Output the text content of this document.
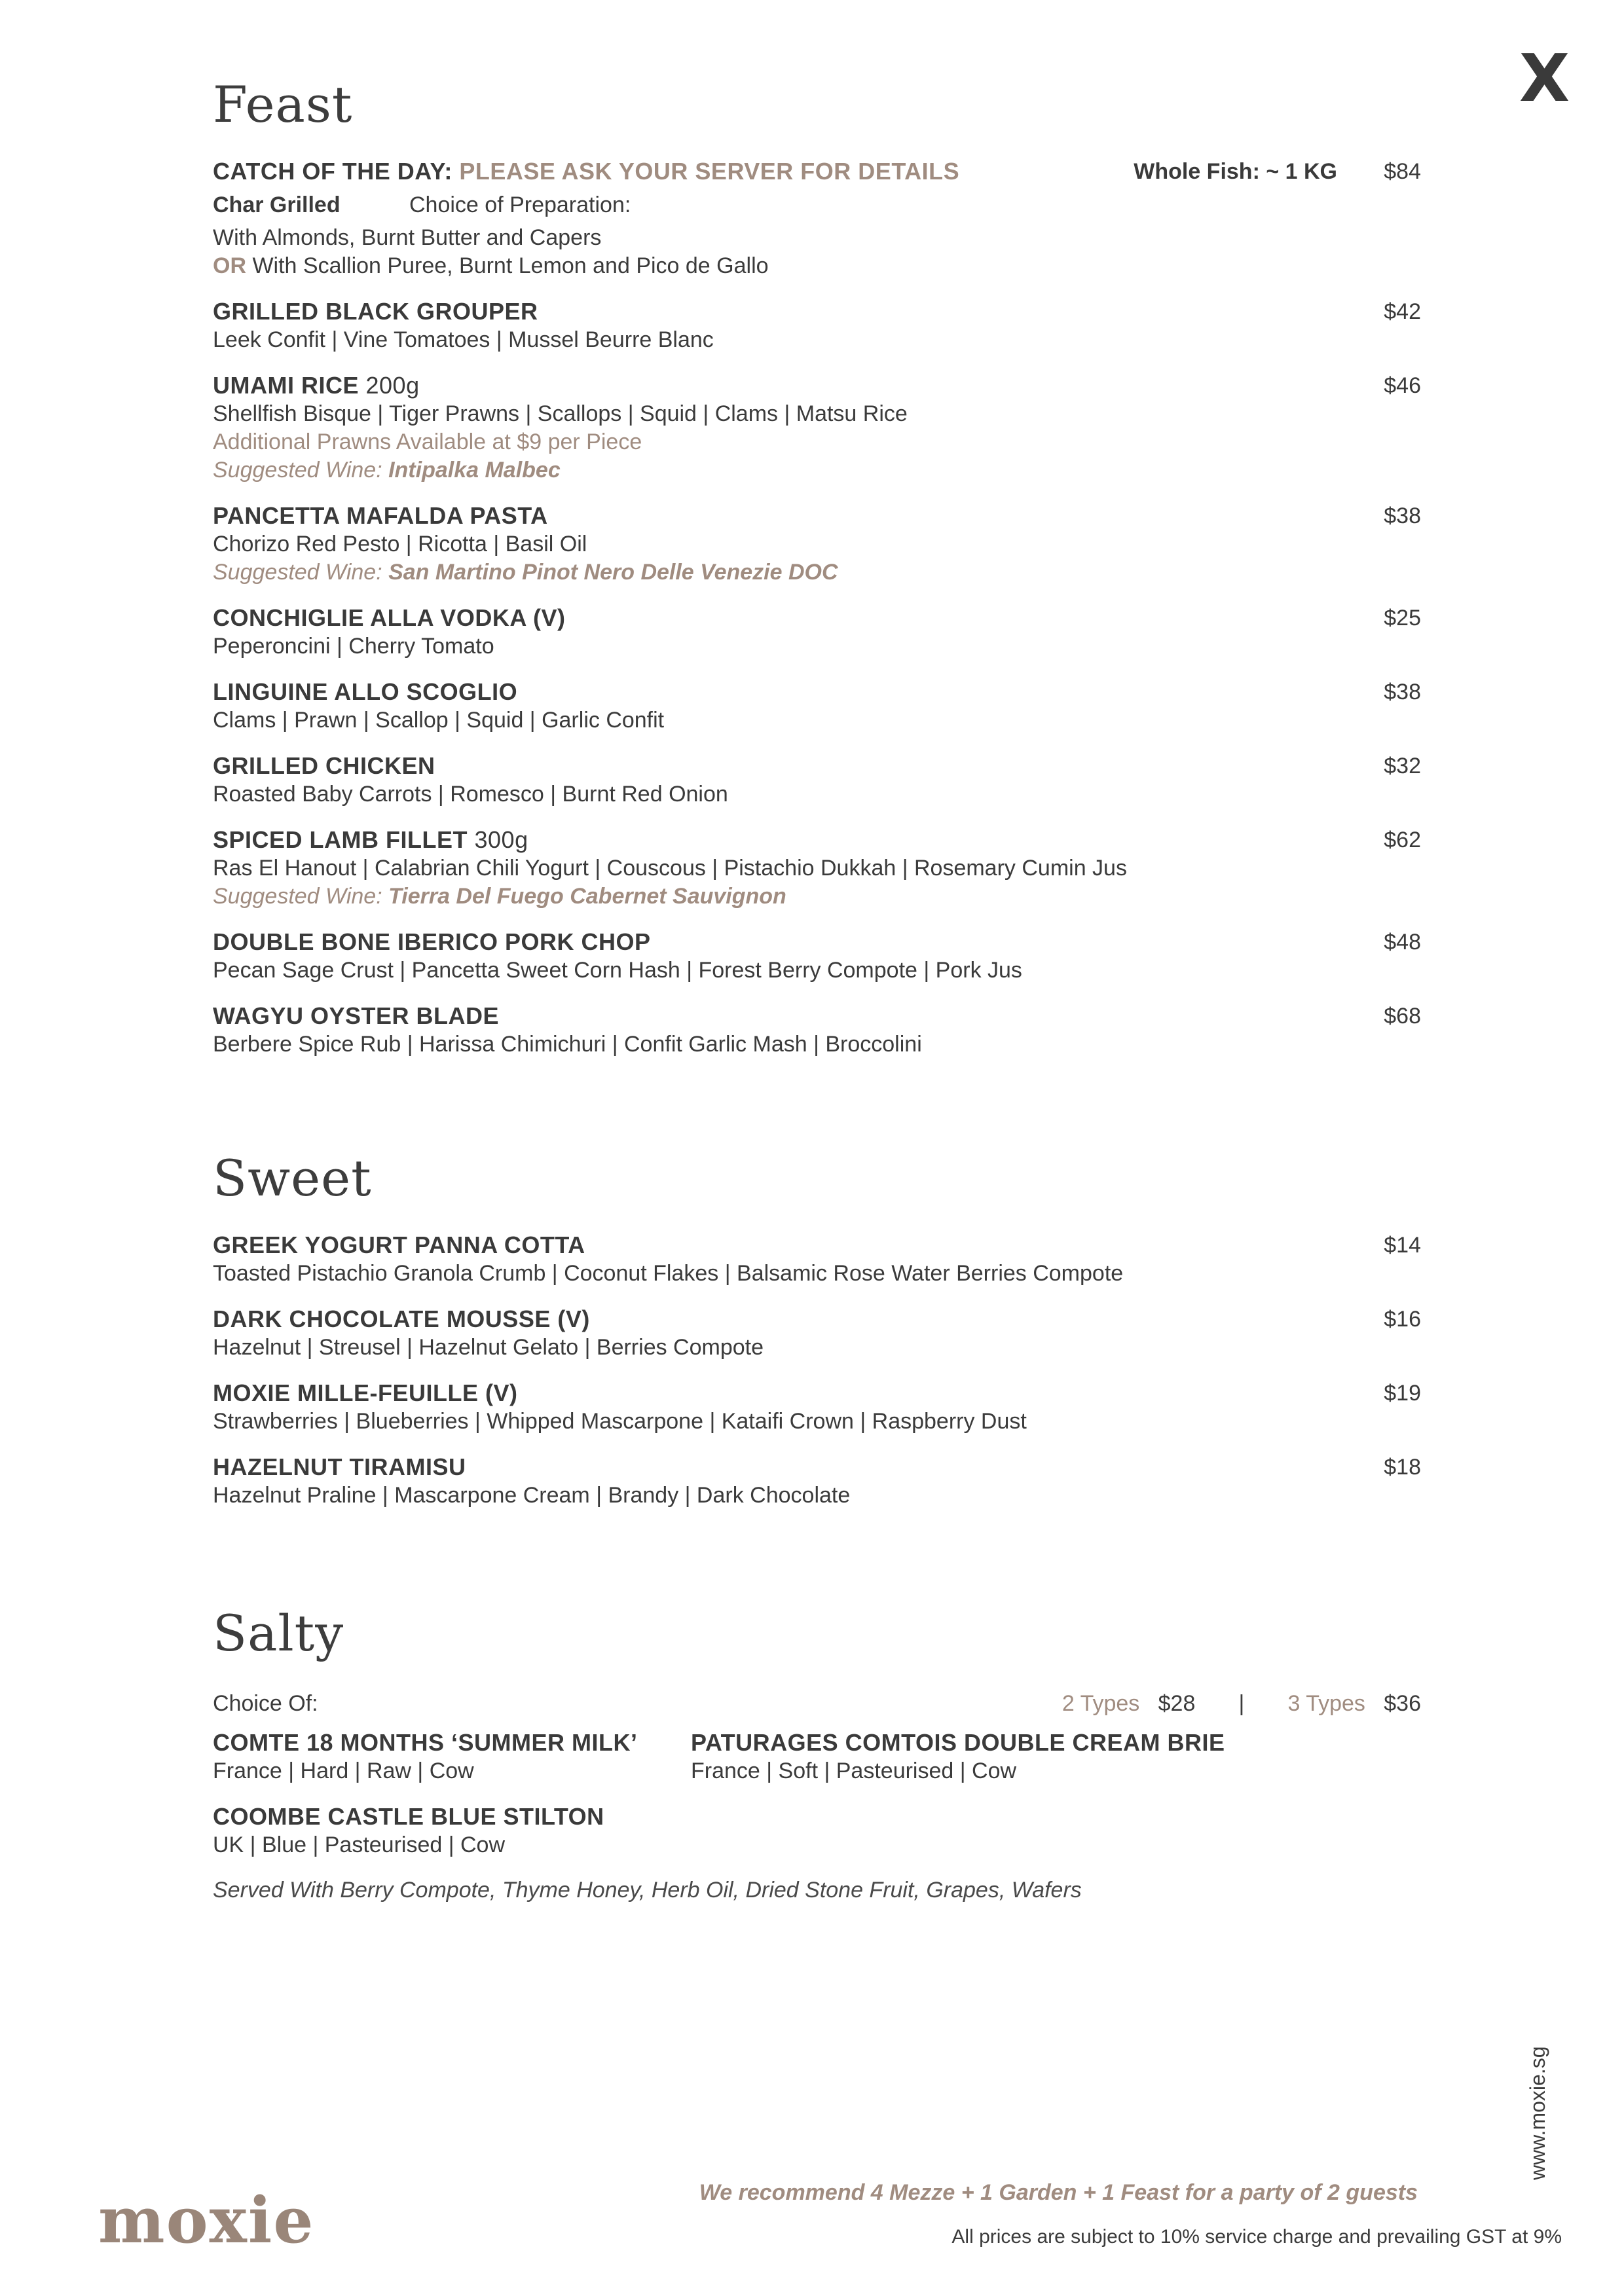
X
Feast
CATCH OF THE DAY: PLEASE ASK YOUR SERVER FOR DETAILS	Whole Fish: ~ 1 KG $84
Char Grilled	Choice of Preparation:
With Almonds, Burnt Butter and Capers
OR With Scallion Puree, Burnt Lemon and Pico de Gallo
GRILLED BLACK GROUPER	$42
Leek Confit | Vine Tomatoes | Mussel Beurre Blanc
UMAMI RICE 200g	$46
Shellfish Bisque | Tiger Prawns | Scallops | Squid | Clams | Matsu Rice
Additional Prawns Available at $9 per Piece
Suggested Wine: Intipalka Malbec
PANCETTA MAFALDA PASTA	$38
Chorizo Red Pesto | Ricotta | Basil Oil
Suggested Wine: San Martino Pinot Nero Delle Venezie DOC
CONCHIGLIE ALLA VODKA (V)	$25
Peperoncini | Cherry Tomato
LINGUINE ALLO SCOGLIO	$38
Clams | Prawn | Scallop | Squid | Garlic Confit
GRILLED CHICKEN	$32
Roasted Baby Carrots | Romesco | Burnt Red Onion
SPICED LAMB FILLET 300g	$62
Ras El Hanout | Calabrian Chili Yogurt | Couscous | Pistachio Dukkah | Rosemary Cumin Jus
Suggested Wine: Tierra Del Fuego Cabernet Sauvignon
DOUBLE BONE IBERICO PORK CHOP	$48
Pecan Sage Crust | Pancetta Sweet Corn Hash | Forest Berry Compote | Pork Jus
WAGYU OYSTER BLADE	$68
Berbere Spice Rub | Harissa Chimichuri | Confit Garlic Mash | Broccolini
Sweet
GREEK YOGURT PANNA COTTA	$14
Toasted Pistachio Granola Crumb | Coconut Flakes | Balsamic Rose Water Berries Compote
DARK CHOCOLATE MOUSSE (V)	$16
Hazelnut | Streusel | Hazelnut Gelato | Berries Compote
MOXIE MILLE-FEUILLE (V)	$19
Strawberries | Blueberries | Whipped Mascarpone | Kataifi Crown | Raspberry Dust
HAZELNUT TIRAMISU	$18
Hazelnut Praline | Mascarpone Cream | Brandy | Dark Chocolate
Salty
Choice Of:	2 Types $28 | 3 Types $36
COMTE 18 MONTHS ‘SUMMER MILK’
France | Hard | Raw | Cow
PATURAGES COMTOIS DOUBLE CREAM BRIE
France | Soft | Pasteurised | Cow
COOMBE CASTLE BLUE STILTON
UK | Blue | Pasteurised | Cow
Served With Berry Compote, Thyme Honey, Herb Oil, Dried Stone Fruit, Grapes, Wafers
www.moxie.sg
moxie	We recommend 4 Mezze + 1 Garden + 1 Feast for a party of 2 guests
All prices are subject to 10% service charge and prevailing GST at 9%
